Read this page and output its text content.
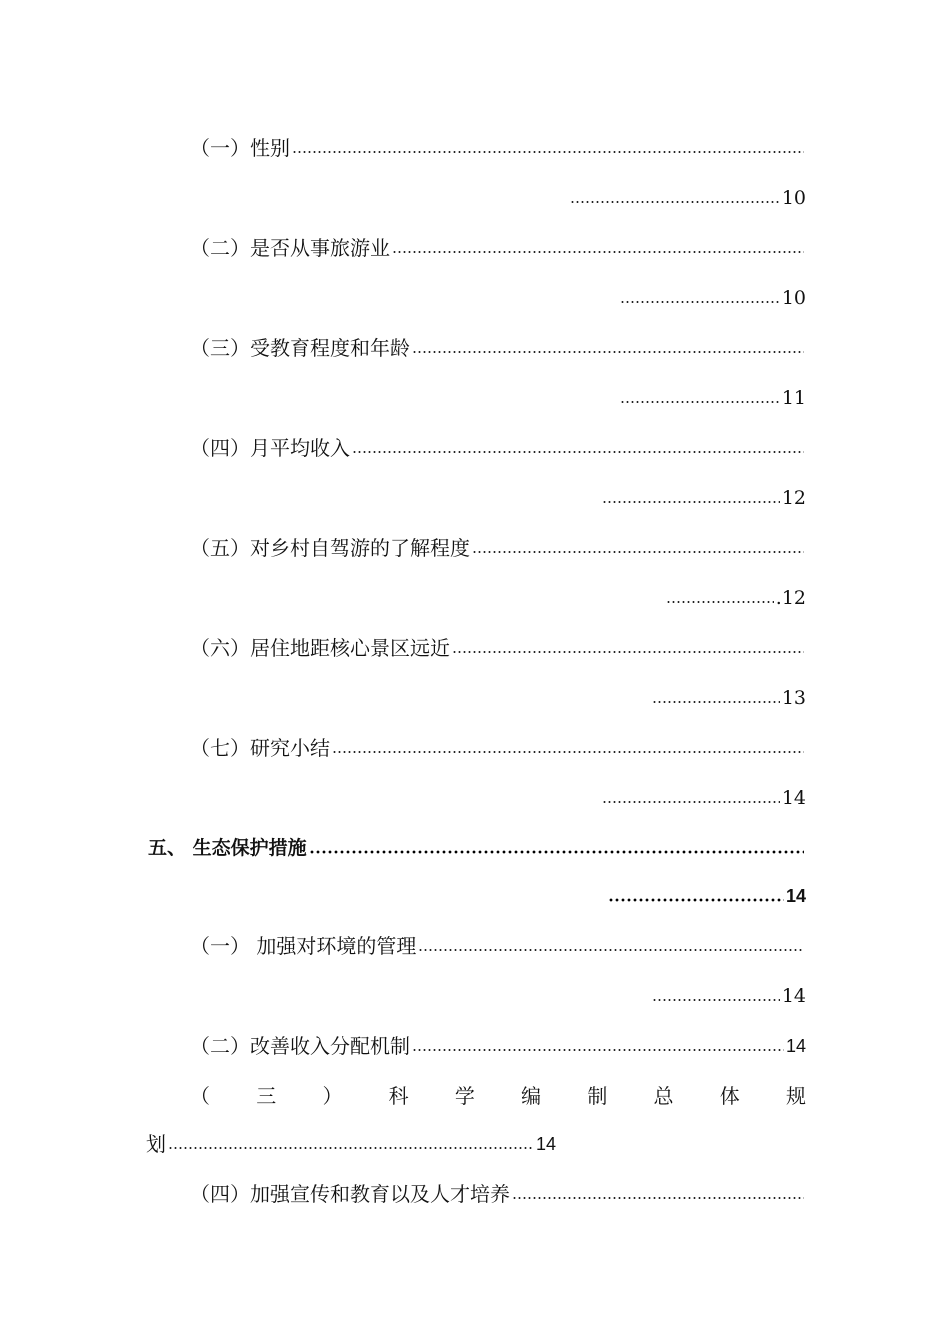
（一）性别
10
（二）是否从事旅游业
10
（三）受教育程度和年龄
11
（四）月平均收入
12
（五）对乡村自驾游的了解程度
.12
（六）居住地距核心景区远近
13
（七）研究小结
14
五、 生态保护措施
14
（一） 加强对环境的管理
14
（二）改善收入分配机制	14
（ 三 ） 科 学 编 制 总 体 规
划	14
（四）加强宣传和教育以及人才培养
